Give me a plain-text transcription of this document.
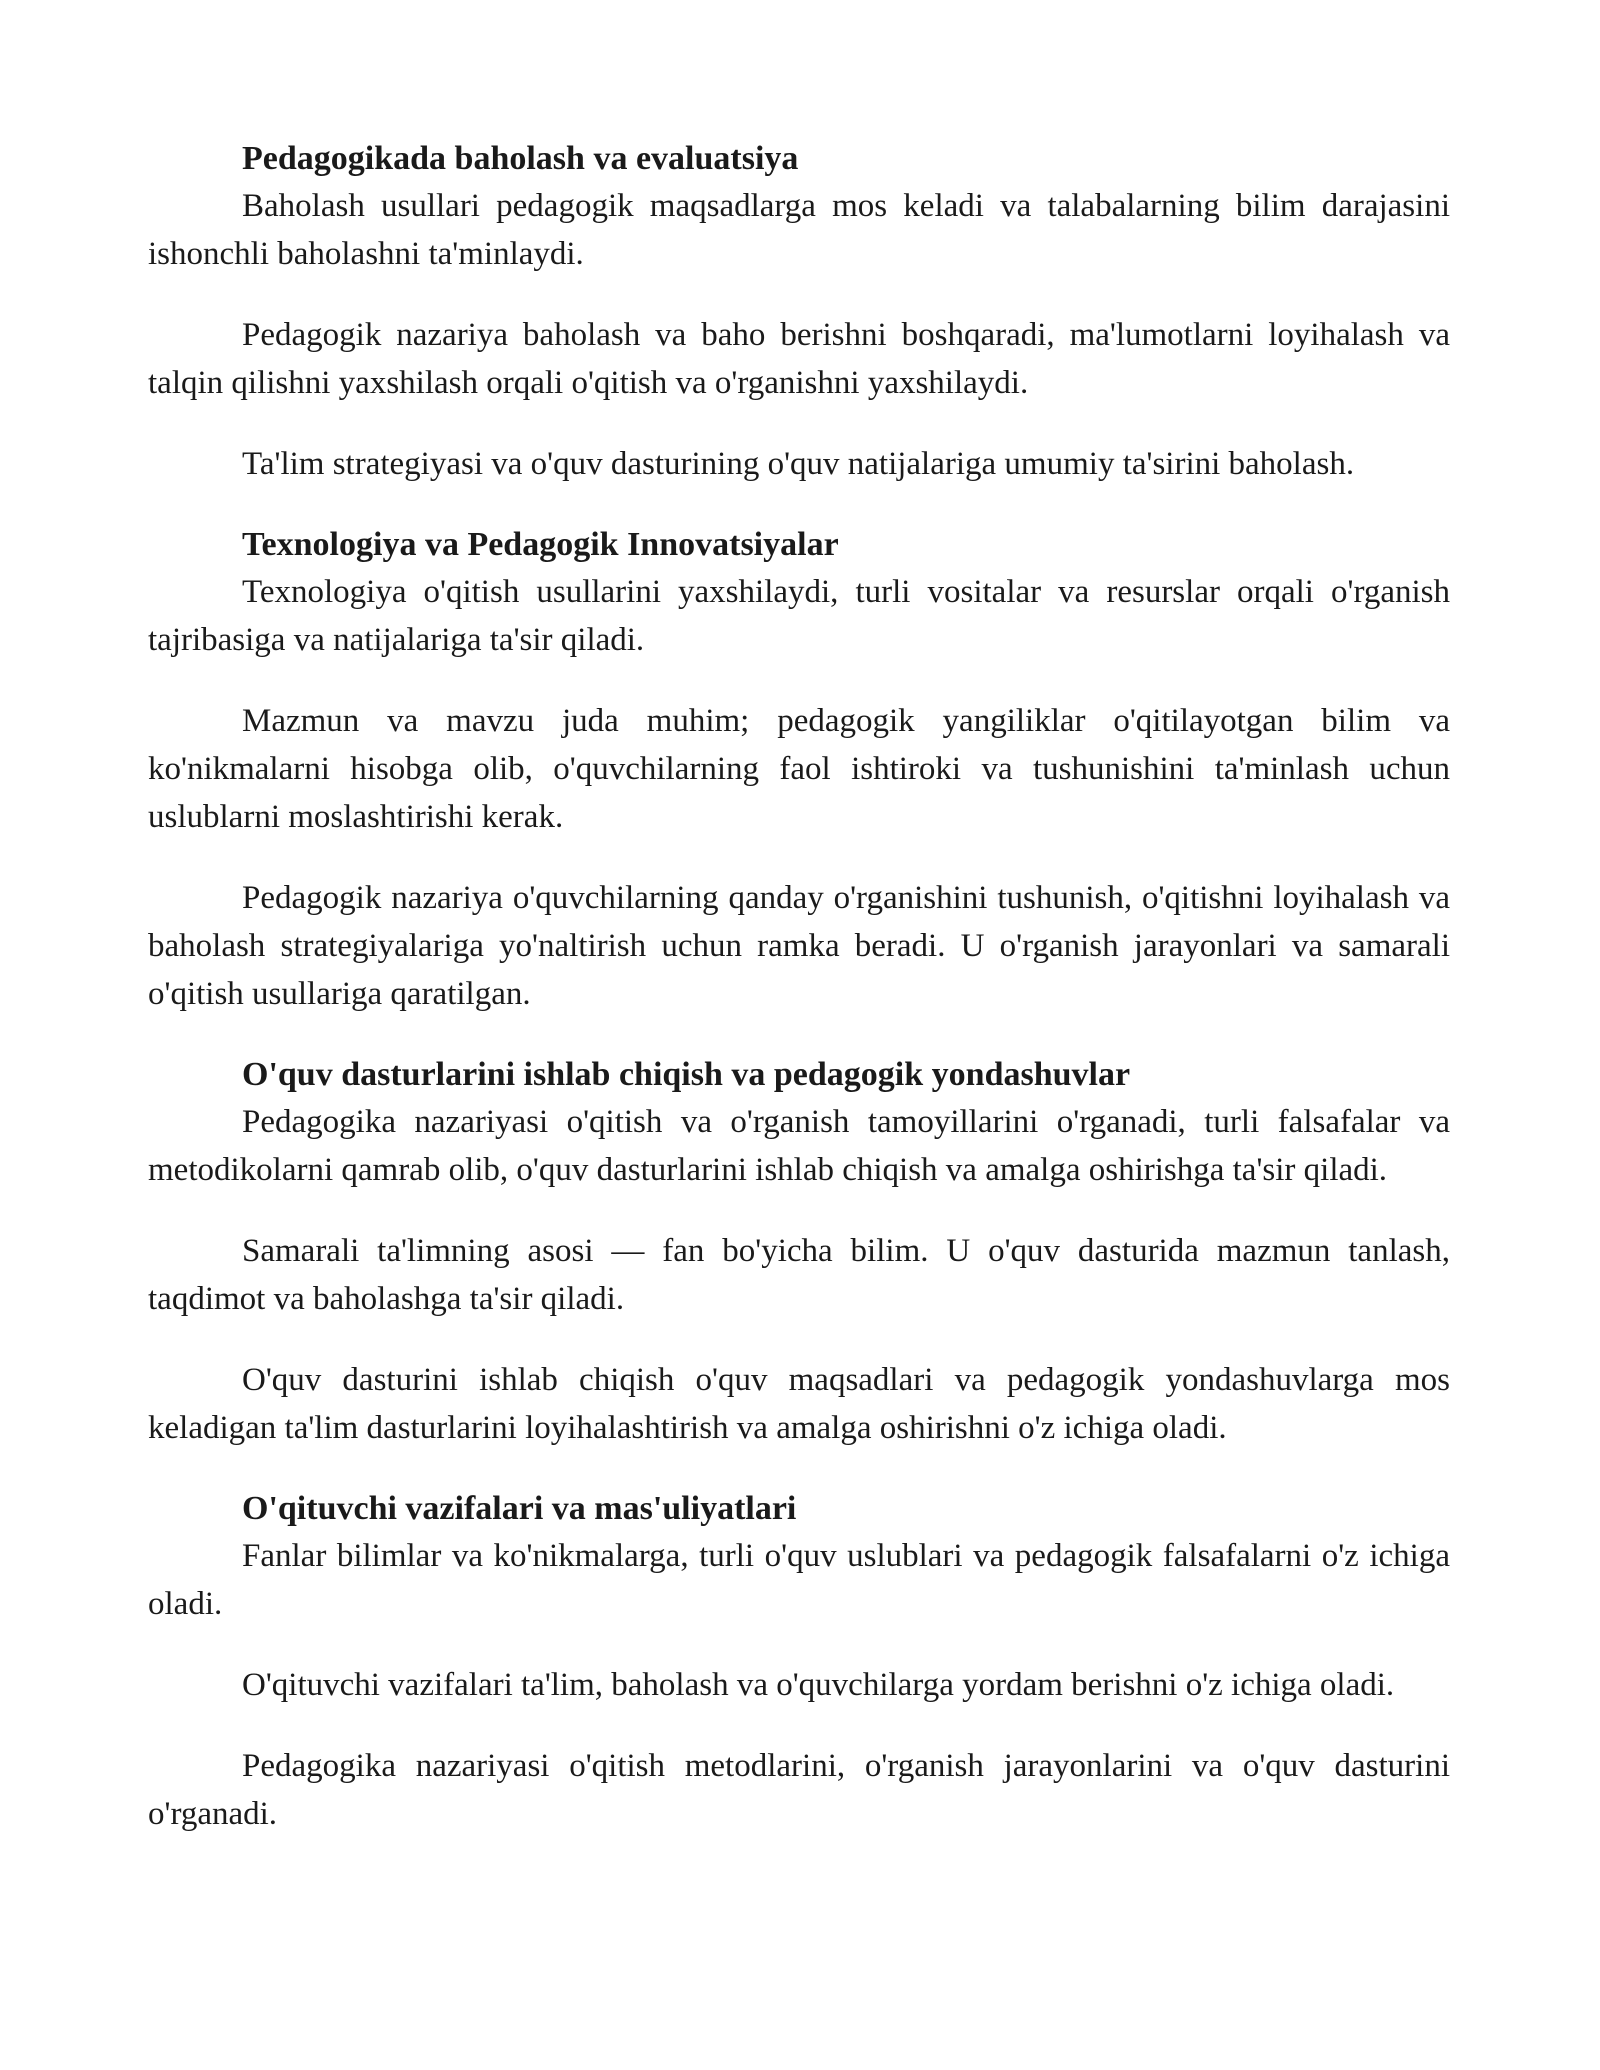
Pedagogikada baholash va evaluatsiya

Baholash usullari pedagogik maqsadlarga mos keladi va talabalarning bilim darajasini ishonchli baholashni ta'minlaydi.

Pedagogik nazariya baholash va baho berishni boshqaradi, ma'lumotlarni loyihalash va talqin qilishni yaxshilash orqali o'qitish va o'rganishni yaxshilaydi.

Ta'lim strategiyasi va o'quv dasturining o'quv natijalariga umumiy ta'sirini baholash.

Texnologiya va Pedagogik Innovatsiyalar

Texnologiya o'qitish usullarini yaxshilaydi, turli vositalar va resurslar orqali o'rganish tajribasiga va natijalariga ta'sir qiladi.

Mazmun va mavzu juda muhim; pedagogik yangiliklar o'qitilayotgan bilim va ko'nikmalarni hisobga olib, o'quvchilarning faol ishtiroki va tushunishini ta'minlash uchun uslublarni moslashtirishi kerak.

Pedagogik nazariya o'quvchilarning qanday o'rganishini tushunish, o'qitishni loyihalash va baholash strategiyalariga yo'naltirish uchun ramka beradi. U o'rganish jarayonlari va samarali o'qitish usullariga qaratilgan.

O'quv dasturlarini ishlab chiqish va pedagogik yondashuvlar

Pedagogika nazariyasi o'qitish va o'rganish tamoyillarini o'rganadi, turli falsafalar va metodikolarni qamrab olib, o'quv dasturlarini ishlab chiqish va amalga oshirishga ta'sir qiladi.

Samarali ta'limning asosi — fan bo'yicha bilim. U o'quv dasturida mazmun tanlash, taqdimot va baholashga ta'sir qiladi.

O'quv dasturini ishlab chiqish o'quv maqsadlari va pedagogik yondashuvlarga mos keladigan ta'lim dasturlarini loyihalashtirish va amalga oshirishni o'z ichiga oladi.

O'qituvchi vazifalari va mas'uliyatlari

Fanlar bilimlar va ko'nikmalarga, turli o'quv uslublari va pedagogik falsafalarni o'z ichiga oladi.

O'qituvchi vazifalari ta'lim, baholash va o'quvchilarga yordam berishni o'z ichiga oladi.

Pedagogika nazariyasi o'qitish metodlarini, o'rganish jarayonlarini va o'quv dasturini o'rganadi.
